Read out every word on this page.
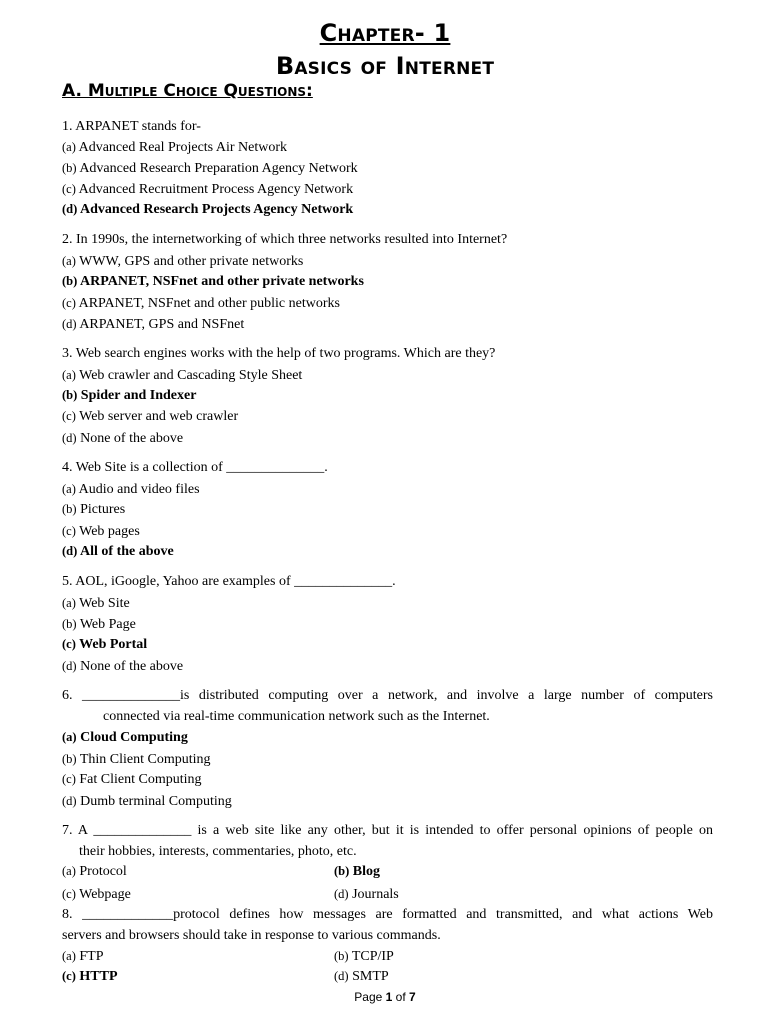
Chapter- 1
Basics of Internet
A. Multiple Choice Questions:
1. ARPANET stands for-
(a) Advanced Real Projects Air Network
(b) Advanced Research Preparation Agency Network
(c) Advanced Recruitment Process Agency Network
(d) Advanced Research Projects Agency Network
2. In 1990s, the internetworking of which three networks resulted into Internet?
(a) WWW, GPS and other private networks
(b) ARPANET, NSFnet and other private networks
(c) ARPANET, NSFnet and other public networks
(d) ARPANET, GPS and NSFnet
3. Web search engines works with the help of two programs. Which are they?
(a) Web crawler and Cascading Style Sheet
(b) Spider and Indexer
(c) Web server and web crawler
(d) None of the above
4. Web Site is a collection of ______________.
(a) Audio and video files
(b) Pictures
(c) Web pages
(d) All of the above
5. AOL, iGoogle, Yahoo are examples of ______________.
(a) Web Site
(b) Web Page
(c) Web Portal
(d) None of the above
6. ______________is distributed computing over a network, and involve a large number of computers
connected via real-time communication network such as the Internet.
(a) Cloud Computing
(b) Thin Client Computing
(c) Fat Client Computing
(d) Dumb terminal Computing
7. A ______________ is a web site like any other, but it is intended to offer personal opinions of people on
their hobbies, interests, commentaries, photo, etc.
(a) Protocol	(b) Blog
(c) Webpage	(d) Journals
8. _____________protocol defines how messages are formatted and transmitted, and what actions Web
servers and browsers should take in response to various commands.
(a) FTP	(b) TCP/IP
(c) HTTP	(d) SMTP
Page 1 of 7
